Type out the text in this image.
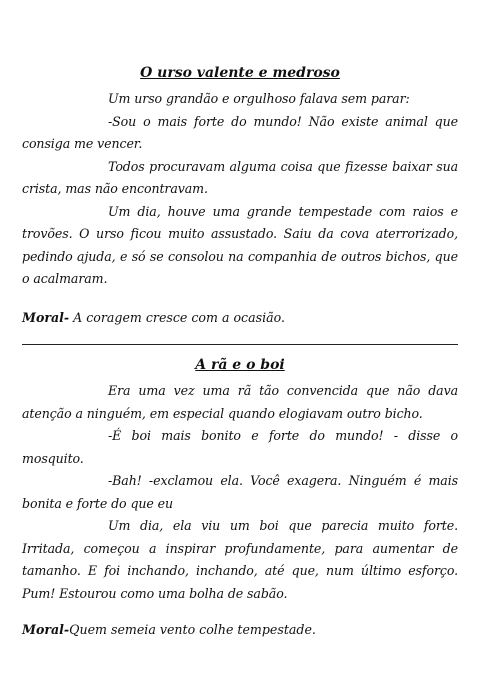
O urso valente e medroso

Um urso grandão e orgulhoso falava sem parar:

-Sou o mais forte do mundo! Não existe animal que consiga me vencer.

Todos procuravam alguma coisa que fizesse baixar sua crista, mas não encontravam.

Um dia, houve uma grande tempestade com raios e trovões. O urso ficou muito assustado. Saiu da cova aterrorizado, pedindo ajuda, e só se consolou na companhia de outros bichos, que o acalmaram.

Moral- A coragem cresce com a ocasião.

A rã e o boi

Era uma vez uma rã tão convencida que não dava atenção a ninguém, em especial quando elogiavam outro bicho.

-É boi mais bonito e forte do mundo! - disse o mosquito.

-Bah! -exclamou ela. Você exagera. Ninguém é mais bonita e forte do que eu

Um dia, ela viu um boi que parecia muito forte. Irritada, começou a inspirar profundamente, para aumentar de tamanho. E foi inchando, inchando, até que, num último esforço. Pum! Estourou como uma bolha de sabão.

Moral-Quem semeia vento colhe tempestade.
